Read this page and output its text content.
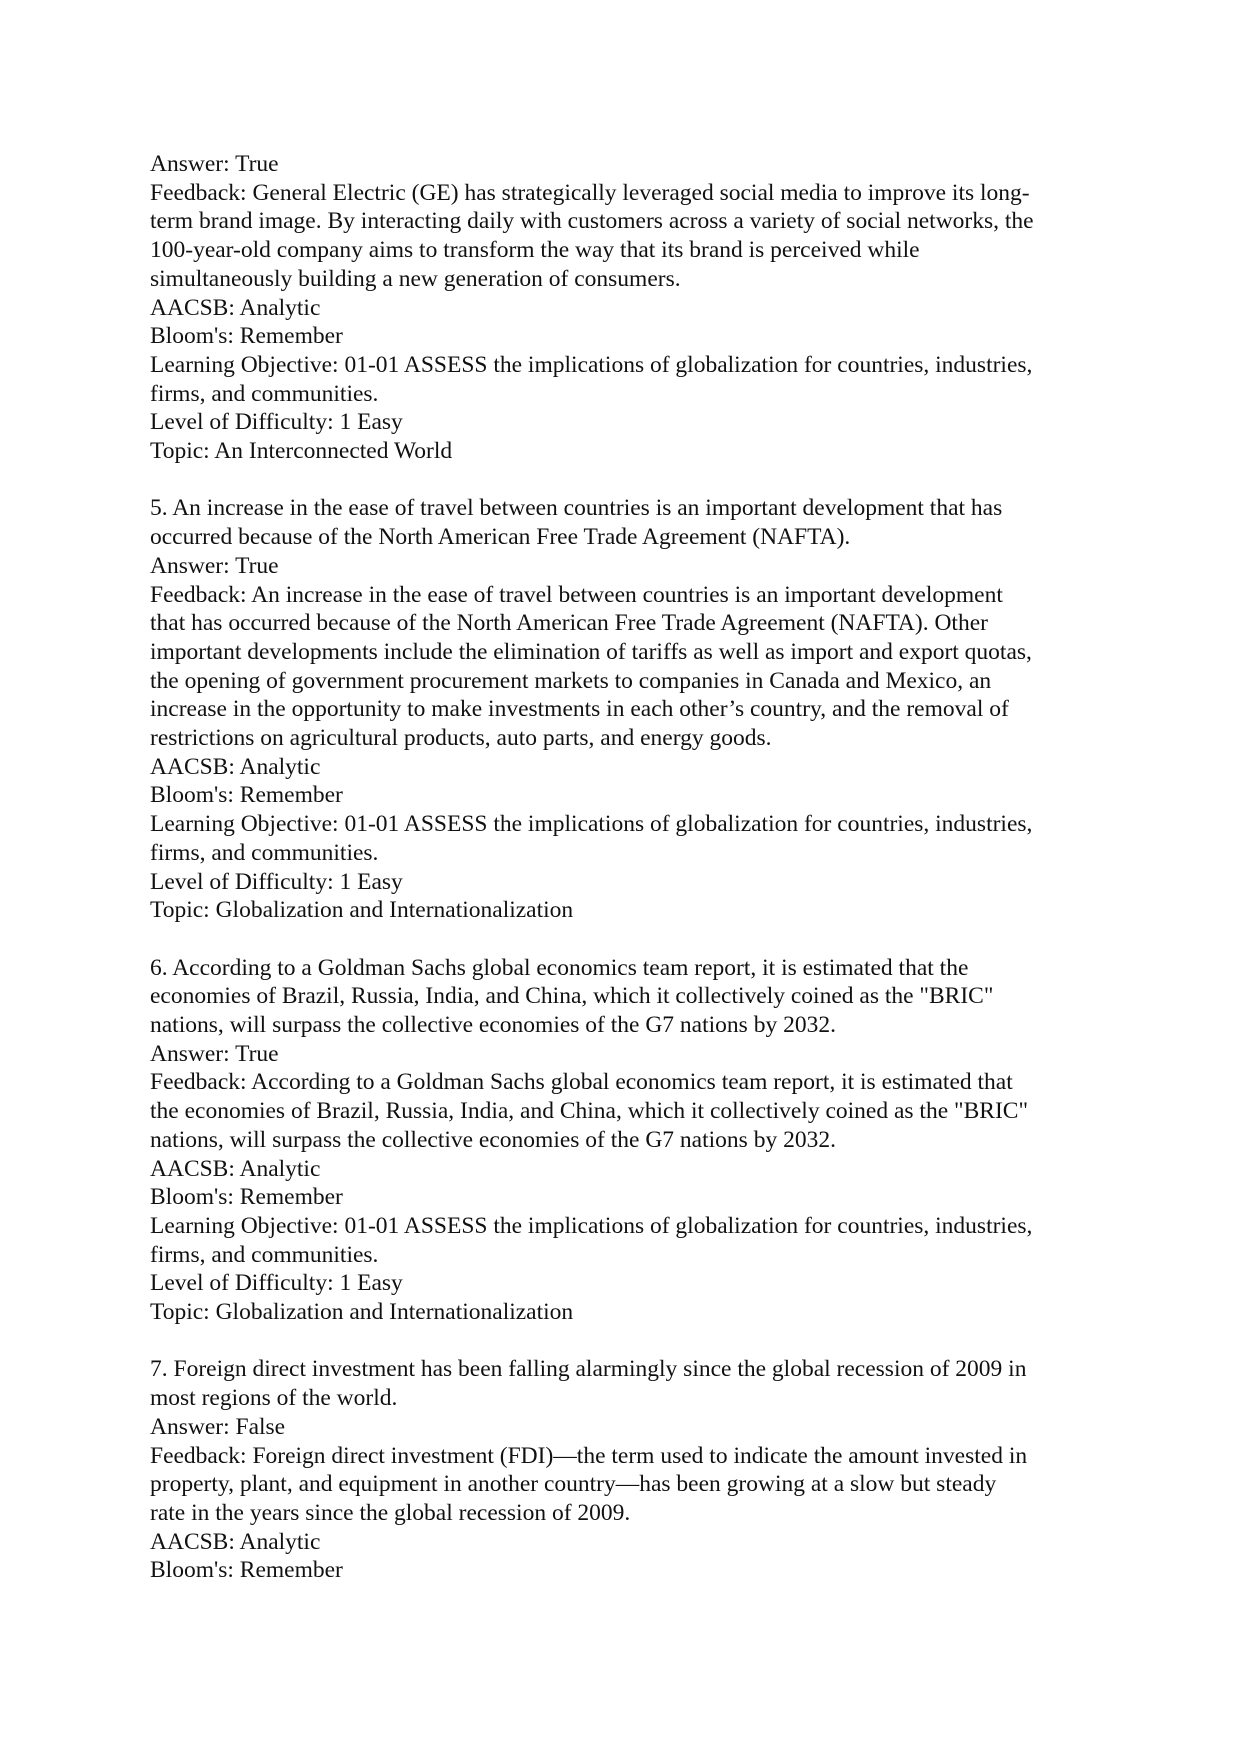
Answer: True
Feedback: General Electric (GE) has strategically leveraged social media to improve its long-
term brand image. By interacting daily with customers across a variety of social networks, the
100-year-old company aims to transform the way that its brand is perceived while
simultaneously building a new generation of consumers.
AACSB: Analytic
Bloom's: Remember
Learning Objective: 01-01 ASSESS the implications of globalization for countries, industries,
firms, and communities.
Level of Difficulty: 1 Easy
Topic: An Interconnected World
5. An increase in the ease of travel between countries is an important development that has
occurred because of the North American Free Trade Agreement (NAFTA).
Answer: True
Feedback: An increase in the ease of travel between countries is an important development
that has occurred because of the North American Free Trade Agreement (NAFTA). Other
important developments include the elimination of tariffs as well as import and export quotas,
the opening of government procurement markets to companies in Canada and Mexico, an
increase in the opportunity to make investments in each other’s country, and the removal of
restrictions on agricultural products, auto parts, and energy goods.
AACSB: Analytic
Bloom's: Remember
Learning Objective: 01-01 ASSESS the implications of globalization for countries, industries,
firms, and communities.
Level of Difficulty: 1 Easy
Topic: Globalization and Internationalization
6. According to a Goldman Sachs global economics team report, it is estimated that the
economies of Brazil, Russia, India, and China, which it collectively coined as the "BRIC"
nations, will surpass the collective economies of the G7 nations by 2032.
Answer: True
Feedback: According to a Goldman Sachs global economics team report, it is estimated that
the economies of Brazil, Russia, India, and China, which it collectively coined as the "BRIC"
nations, will surpass the collective economies of the G7 nations by 2032.
AACSB: Analytic
Bloom's: Remember
Learning Objective: 01-01 ASSESS the implications of globalization for countries, industries,
firms, and communities.
Level of Difficulty: 1 Easy
Topic: Globalization and Internationalization
7. Foreign direct investment has been falling alarmingly since the global recession of 2009 in
most regions of the world.
Answer: False
Feedback: Foreign direct investment (FDI)—the term used to indicate the amount invested in
property, plant, and equipment in another country—has been growing at a slow but steady
rate in the years since the global recession of 2009.
AACSB: Analytic
Bloom's: Remember
